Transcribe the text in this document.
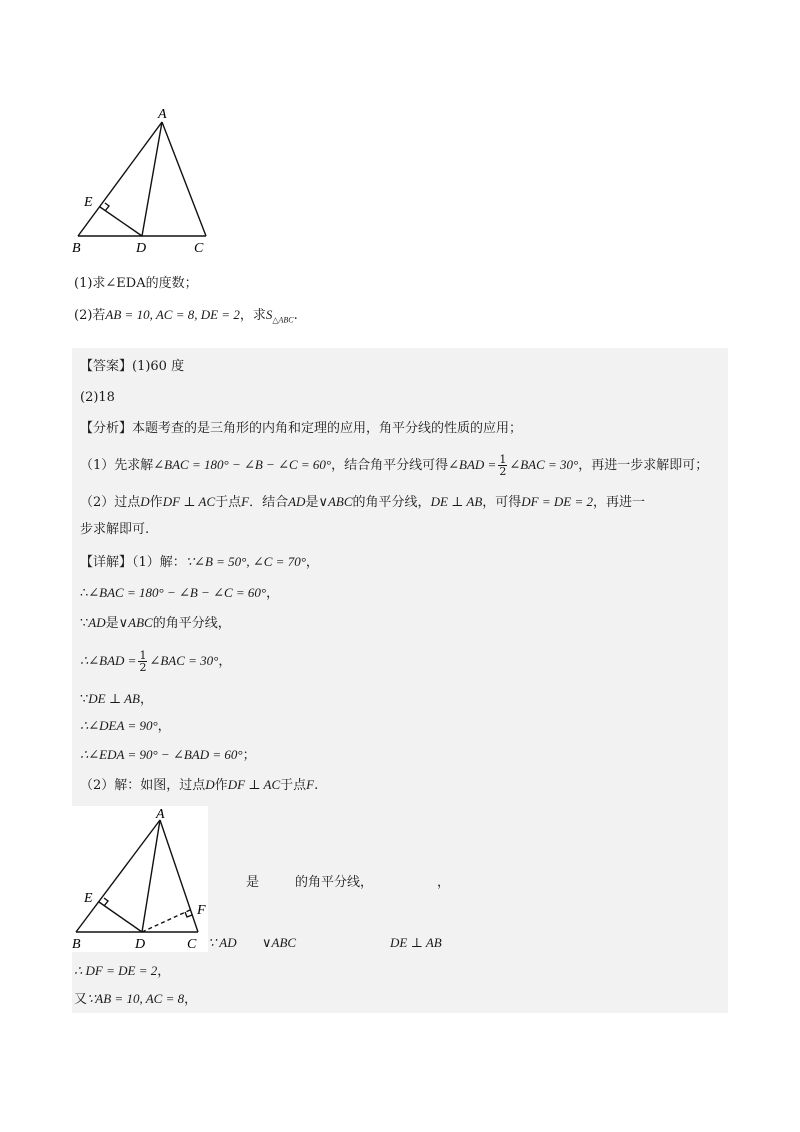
A
E
B	D	C
(1)求∠EDA的度数；
(2)若AB = 10, AC = 8, DE = 2，求$S_{\triangle ABC}$.
【答案】(1)60 度
(2)18
【分析】本题考查的是三角形的内角和定理的应用，角平分线的性质的应用；
（1）先求解∠BAC = 180° − ∠B − ∠C = 60°，结合角平分线可得∠BAD = $\frac{1}{2}$ ∠BAC = 30°，再进一步求解即可；
（2）过点D作DF ⊥ AC于点F．结合AD是∨ABC的角平分线，DE ⊥ AB，可得DF = DE = 2，再进一
步求解即可.
【详解】（1）解：∵∠B = 50°, ∠C = 70°，
∴∠BAC = 180° − ∠B − ∠C = 60°，
∵AD是∨ABC的角平分线，
∴∠BAD = $\frac{1}{2}$ ∠BAC = 30°，
∵DE ⊥ AB，
∴∠DEA = 90°，
∴∠EDA = 90° − ∠BAD = 60°；
（2）解：如图，过点D作DF ⊥ AC于点F.
A
E
F
B	D	C
是	的角平分线，	，
∵ AD ∨ABC	DE ⊥ AB
∴ DF = DE = 2，
又∵AB = 10, AC = 8，
